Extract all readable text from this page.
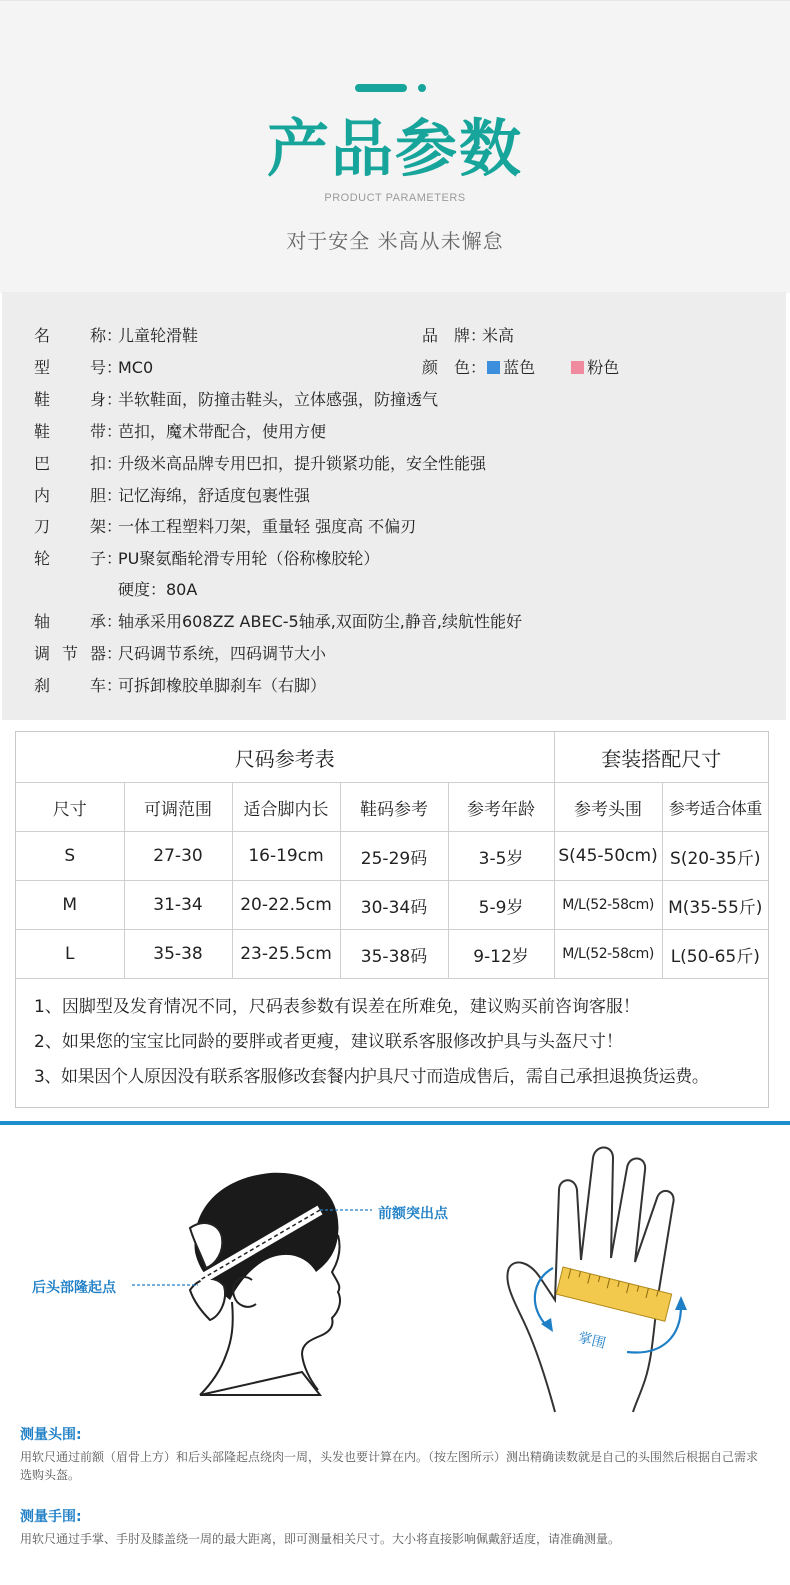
产品参数
PRODUCT PARAMETERS
对于安全 米高从未懈怠
名称：儿童轮滑鞋	品牌：米高
型号：MC0	颜色： 蓝色	粉色
鞋身：半软鞋面，防撞击鞋头，立体感强，防撞透气
鞋带：芭扣，魔术带配合，使用方便
巴扣：升级米高品牌专用巴扣，提升锁紧功能，安全性能强
内胆：记忆海绵，舒适度包裹性强
刀架：一体工程塑料刀架，重量轻 强度高 不偏刃
轮子：PU聚氨酯轮滑专用轮（俗称橡胶轮）
硬度：80A
轴承：轴承采用608ZZ ABEC-5轴承,双面防尘,静音,续航性能好
调节器：尺码调节系统，四码调节大小
刹车：可拆卸橡胶单脚刹车（右脚）
尺码参考表					套装搭配尺寸	
尺寸	可调范围	适合脚内长	鞋码参考	参考年龄	参考头围	参考适合体重
S	27-30	16-19cm	25-29码	3-5岁	S(45-50cm)	S(20-35斤)
M	31-34	20-22.5cm	30-34码	5-9岁	M/L(52-58cm)	M(35-55斤)
L	35-38	23-25.5cm	35-38码	9-12岁	M/L(52-58cm)	L(50-65斤)
1、因脚型及发育情况不同，尺码表参数有误差在所难免，建议购买前咨询客服！
2、如果您的宝宝比同龄的要胖或者更瘦，建议联系客服修改护具与头盔尺寸！
3、如果因个人原因没有联系客服修改套餐内护具尺寸而造成售后，需自己承担退换货运费。
前额突出点
后头部隆起点
掌围
测量头围:
用软尺通过前额（眉骨上方）和后头部隆起点绕肉一周，头发也要计算在内。（按左图所示）测出精确读数就是自己的头围然后根据自己需求选购头盔。
测量手围:
用软尺通过手掌、手肘及膝盖绕一周的最大距离，即可测量相关尺寸。大小将直接影响佩戴舒适度，请准确测量。
